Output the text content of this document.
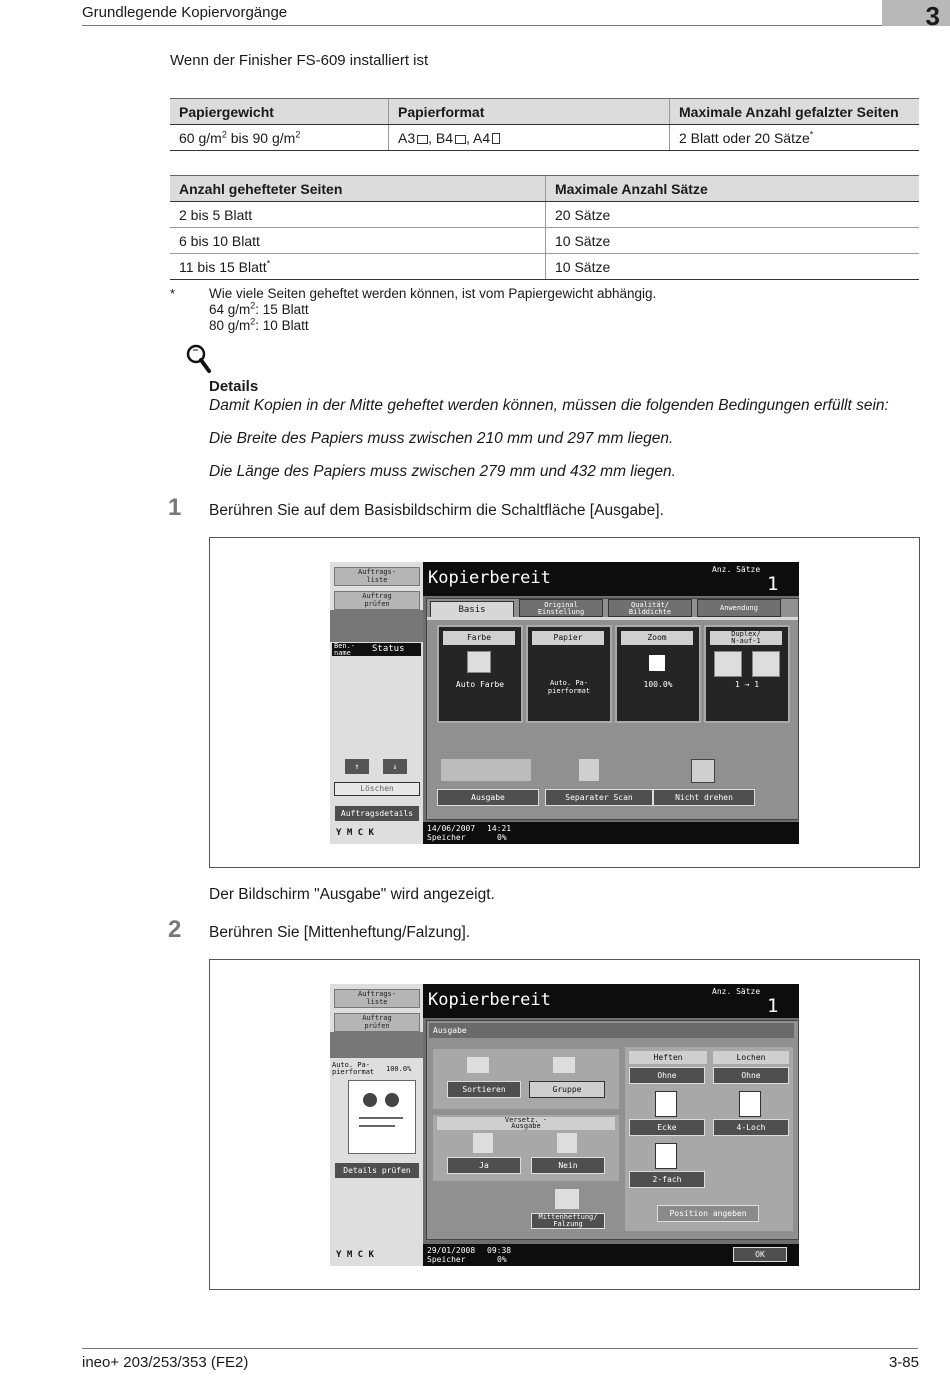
Grundlegende Kopiervorgänge	3
Wenn der Finisher FS-609 installiert ist
Papiergewicht	Papierformat	Maximale Anzahl gefalzter Seiten
60 $g/m^2$ bis 90 $g/m^2$	A3 , B4 , A4	2 Blatt oder 20 Sätze*
Anzahl gehefteter Seiten	Maximale Anzahl Sätze
2 bis 5 Blatt	20 Sätze
6 bis 10 Blatt	10 Sätze
11 bis 15 Blatt*	10 Sätze
*	Wie viele Seiten geheftet werden können, ist vom Papiergewicht abhängig.
64 $g/m^2$: 15 Blatt
80 $g/m^2$: 10 Blatt
Details
Damit Kopien in der Mitte geheftet werden können, müssen die folgenden Bedingungen erfüllt sein:
Die Breite des Papiers muss zwischen 210 mm und 297 mm liegen.
Die Länge des Papiers muss zwischen 279 mm und 432 mm liegen.
1 Berühren Sie auf dem Basisbildschirm die Schaltfläche [Ausgabe].
Auftrags-
liste
Auftrag
prüfen
Ben.-
name	Status
↑	↓
Löschen
Auftragsdetails
Y M C K
Kopierbereit	Anz. Sätze
1
Basis	Original
Einstellung
Qualität/
Bilddichte	Anwendung
Farbe
Auto Farbe
Papier
Auto. Pa-
pierformat
Zoom
100.0%
Duplex/
N-auf-1
1 → 1
Ausgabe	Separater Scan	Nicht drehen
14/06/2007 14:21
Speicher	0%
Der Bildschirm "Ausgabe" wird angezeigt.
2 Berühren Sie [Mittenheftung/Falzung].
Auftrags-
liste
Auftrag
prüfen
Auto. Pa-
pierformat 100.0%
Details prüfen
Y M C K
Kopierbereit	Anz. Sätze
1
Ausgabe
Sortieren	Gruppe
Versetz. -
Ausgabe
Ja	Nein
Mittenheftung/
Falzung
Heften	Lochen
Ohne	Ohne
Ecke	4-Loch
2-fach
Position angeben
29/01/2008 09:38
Speicher	0%
OK
ineo+ 203/253/353 (FE2)	3-85
